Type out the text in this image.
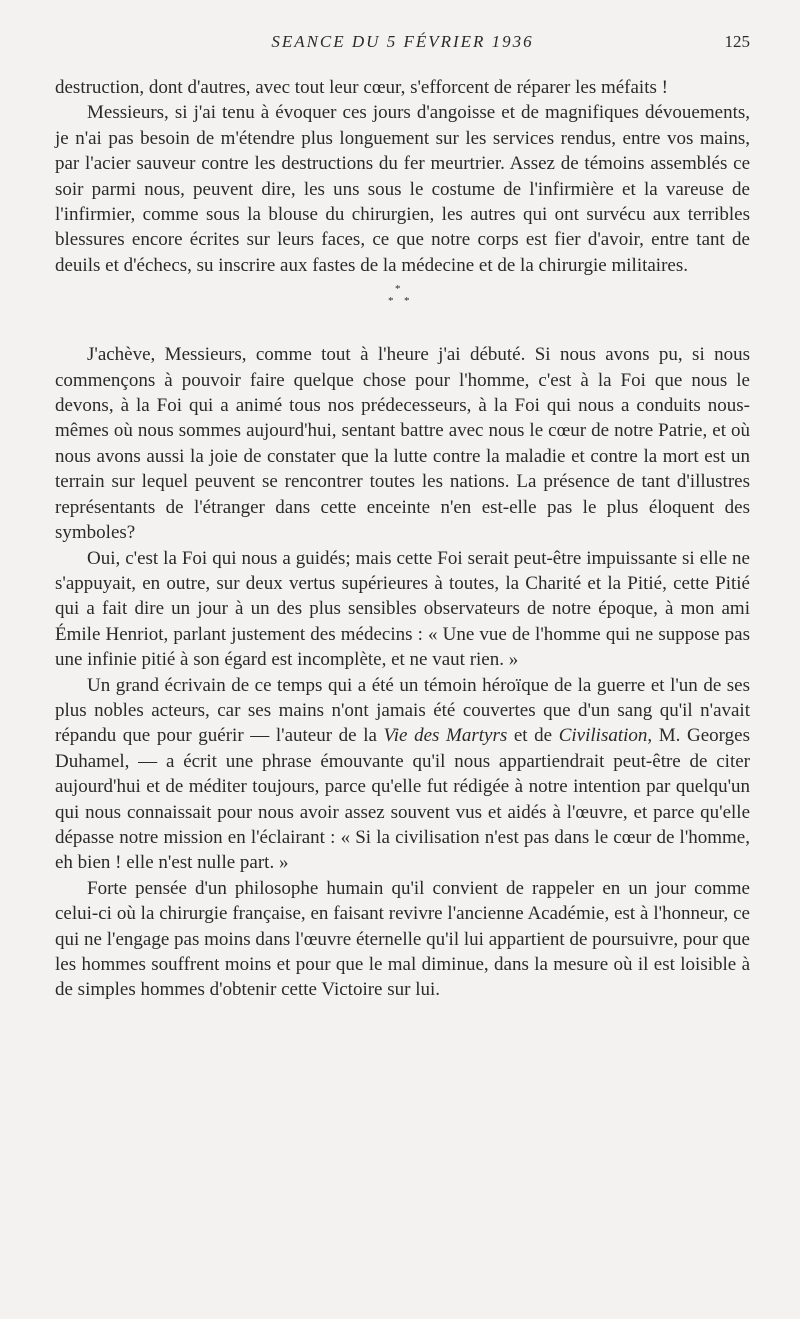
SEANCE DU 5 FÉVRIER 1936	125

destruction, dont d'autres, avec tout leur cœur, s'efforcent de réparer les méfaits !

Messieurs, si j'ai tenu à évoquer ces jours d'angoisse et de magnifiques dévouements, je n'ai pas besoin de m'étendre plus longuement sur les services rendus, entre vos mains, par l'acier sauveur contre les destructions du fer meurtrier. Assez de témoins assemblés ce soir parmi nous, peuvent dire, les uns sous le costume de l'infirmière et la vareuse de l'infirmier, comme sous la blouse du chirurgien, les autres qui ont survécu aux terribles blessures encore écrites sur leurs faces, ce que notre corps est fier d'avoir, entre tant de deuils et d'échecs, su inscrire aux fastes de la médecine et de la chirurgie militaires.

*
* *

J'achève, Messieurs, comme tout à l'heure j'ai débuté. Si nous avons pu, si nous commençons à pouvoir faire quelque chose pour l'homme, c'est à la Foi que nous le devons, à la Foi qui a animé tous nos prédecesseurs, à la Foi qui nous a conduits nous-mêmes où nous sommes aujourd'hui, sentant battre avec nous le cœur de notre Patrie, et où nous avons aussi la joie de constater que la lutte contre la maladie et contre la mort est un terrain sur lequel peuvent se rencontrer toutes les nations. La présence de tant d'illustres représentants de l'étranger dans cette enceinte n'en est-elle pas le plus éloquent des symboles?

Oui, c'est la Foi qui nous a guidés; mais cette Foi serait peut-être impuissante si elle ne s'appuyait, en outre, sur deux vertus supérieures à toutes, la Charité et la Pitié, cette Pitié qui a fait dire un jour à un des plus sensibles observateurs de notre époque, à mon ami Émile Henriot, parlant justement des médecins : « Une vue de l'homme qui ne suppose pas une infinie pitié à son égard est incomplète, et ne vaut rien. »

Un grand écrivain de ce temps qui a été un témoin héroïque de la guerre et l'un de ses plus nobles acteurs, car ses mains n'ont jamais été couvertes que d'un sang qu'il n'avait répandu que pour guérir — l'auteur de la Vie des Martyrs et de Civilisation, M. Georges Duhamel, — a écrit une phrase émouvante qu'il nous appartiendrait peut-être de citer aujourd'hui et de méditer toujours, parce qu'elle fut rédigée à notre intention par quelqu'un qui nous connaissait pour nous avoir assez souvent vus et aidés à l'œuvre, et parce qu'elle dépasse notre mission en l'éclairant : « Si la civilisation n'est pas dans le cœur de l'homme, eh bien ! elle n'est nulle part. »

Forte pensée d'un philosophe humain qu'il convient de rappeler en un jour comme celui-ci où la chirurgie française, en faisant revivre l'ancienne Académie, est à l'honneur, ce qui ne l'engage pas moins dans l'œuvre éternelle qu'il lui appartient de poursuivre, pour que les hommes souffrent moins et pour que le mal diminue, dans la mesure où il est loisible à de simples hommes d'obtenir cette Victoire sur lui.
